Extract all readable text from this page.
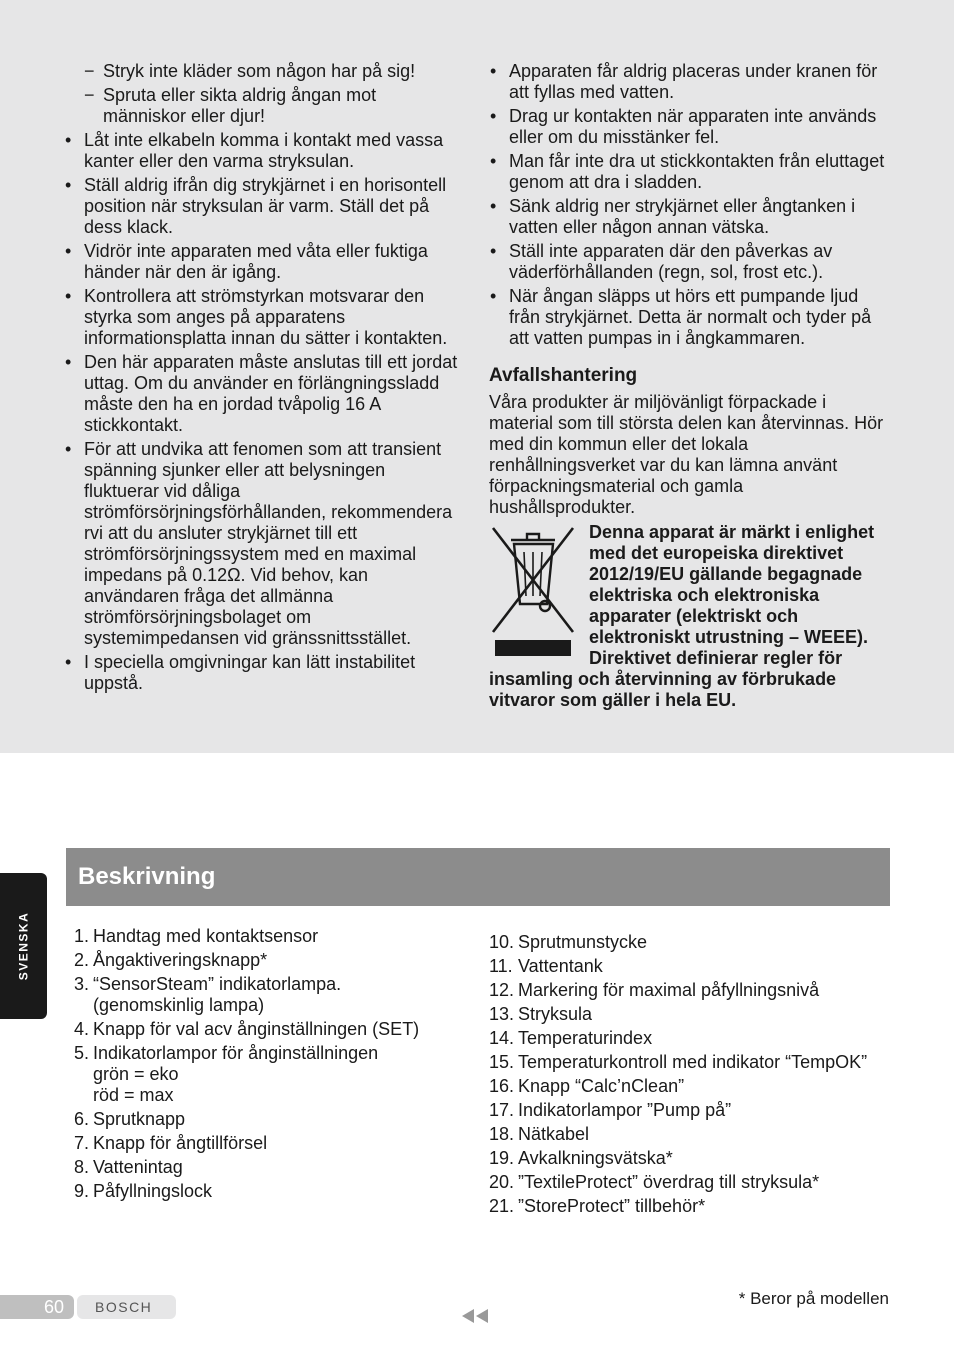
− Stryk inte kläder som någon har på sig!
− Spruta eller sikta aldrig ångan mot människor eller djur!
• Låt inte elkabeln komma i kontakt med vassa kanter eller den varma stryksulan.
• Ställ aldrig ifrån dig strykjärnet i en horisontell position när stryksulan är varm. Ställ det på dess klack.
• Vidrör inte apparaten med våta eller fuktiga händer när den är igång.
• Kontrollera att strömstyrkan motsvarar den styrka som anges på apparatens informationsplatta innan du sätter i kontakten.
• Den här apparaten måste anslutas till ett jordat uttag. Om du använder en förlängningssladd måste den ha en jordad tvåpolig 16 A stickkontakt.
• För att undvika att fenomen som att transient spänning sjunker eller att belysningen fluktuerar vid dåliga strömförsörjningsförhållanden, rekommendera rvi att du ansluter strykjärnet till ett strömförsörjningssystem med en maximal impedans på 0.12Ω. Vid behov, kan användaren fråga det allmänna strömförsörjningsbolaget om systemimpedansen vid gränssnittsstället.
• I speciella omgivningar kan lätt instabilitet uppstå.
• Apparaten får aldrig placeras under kranen för att fyllas med vatten.
• Drag ur kontakten när apparaten inte används eller om du misstänker fel.
• Man får inte dra ut stickkontakten från eluttaget genom att dra i sladden.
• Sänk aldrig ner strykjärnet eller ångtanken i vatten eller någon annan vätska.
• Ställ inte apparaten där den påverkas av väderförhållanden (regn, sol, frost etc.).
• När ångan släpps ut hörs ett pumpande ljud från strykjärnet. Detta är normalt och tyder på att vatten pumpas in i ångkammaren.
Avfallshantering

Våra produkter är miljövänligt förpackade i material som till största delen kan återvinnas. Hör med din kommun eller det lokala renhållningsverket var du kan lämna använt förpackningsmaterial och gamla hushållsprodukter.

Denna apparat är märkt i enlighet med det europeiska direktivet 2012/19/EU gällande begagnade elektriska och elektroniska apparater (elektriskt och elektroniskt utrustning – WEEE). Direktivet definierar regler för insamling och återvinning av förbrukade vitvaror som gäller i hela EU.
Beskrivning
SVENSKA 1. Handtag med kontaktsensor
2. Ångaktiveringsknapp*
3. “SensorSteam” indikatorlampa.
(genomskinlig lampa)
4. Knapp för val acv ånginställningen (SET)
5. Indikatorlampor för ånginställningen
grön = eko
röd = max
6. Sprutknapp
7. Knapp för ångtillförsel
8. Vattenintag
9. Påfyllningslock
10. Sprutmunstycke
11. Vattentank
12. Markering för maximal påfyllningsnivå
13. Stryksula
14. Temperaturindex
15. Temperaturkontroll med indikator “TempOK”
16. Knapp “Calc’nClean”
17. Indikatorlampor ”Pump på”
18. Nätkabel
19. Avkalkningsvätska*
20. ”TextileProtect” överdrag till stryksula*
21. ”StoreProtect” tillbehör*
* Beror på modellen
60	BOSCH
